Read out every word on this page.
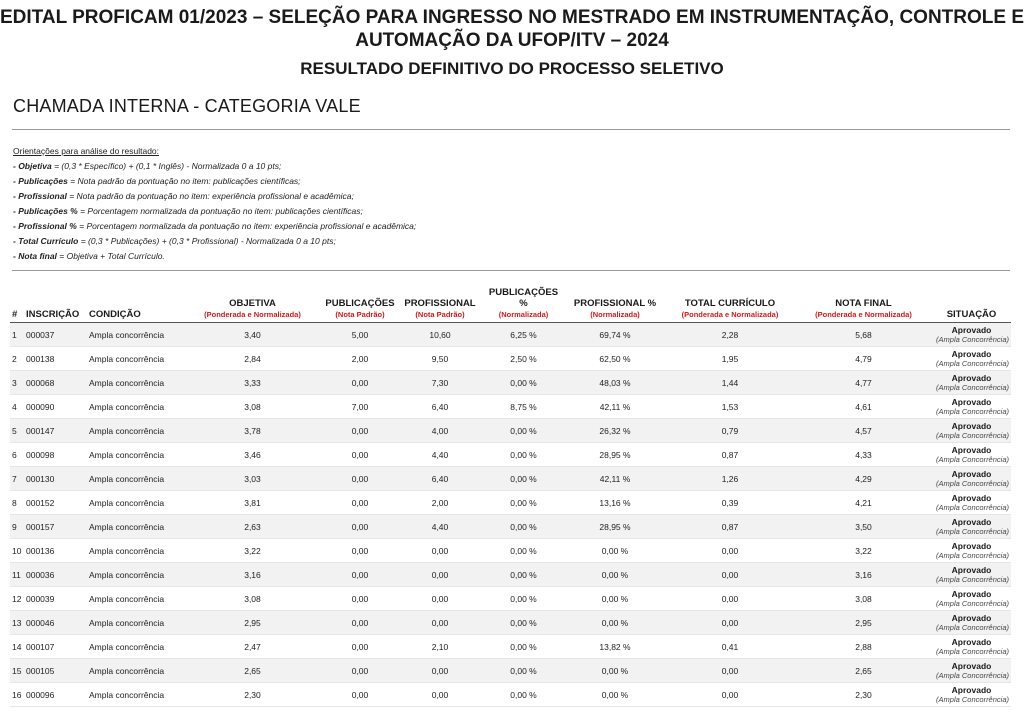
EDITAL PROFICAM 01/2023 – SELEÇÃO PARA INGRESSO NO MESTRADO EM INSTRUMENTAÇÃO, CONTROLE E
AUTOMAÇÃO DA UFOP/ITV – 2024
RESULTADO DEFINITIVO DO PROCESSO SELETIVO
CHAMADA INTERNA - CATEGORIA VALE
Orientações para análise do resultado:
- Objetiva = (0,3 * Específico) + (0,1 * Inglês) - Normalizada 0 a 10 pts;
- Publicações = Nota padrão da pontuação no item: publicações científicas;
- Profissional = Nota padrão da pontuação no item: experiência profissional e acadêmica;
- Publicações % = Porcentagem normalizada da pontuação no item: publicações científicas;
- Profissional % = Porcentagem normalizada da pontuação no item: experiência profissional e acadêmica;
- Total Currículo = (0,3 * Publicações) + (0,3 * Profissional) - Normalizada 0 a 10 pts;
- Nota final = Objetiva + Total Currículo.
#	INSCRIÇÃO	CONDIÇÃO	OBJETIVA
(Ponderada e Normalizada)	PUBLICAÇÕES
(Nota Padrão)	PROFISSIONAL
(Nota Padrão)	PUBLICAÇÕES %
(Normalizada)	PROFISSIONAL %
(Normalizada)	TOTAL CURRÍCULO
(Ponderada e Normalizada)	NOTA FINAL
(Ponderada e Normalizada)	SITUAÇÃO
1	000037	Ampla concorrência	3,40	5,00	10,60	6,25 %	69,74 %	2,28	5,68	Aprovado
(Ampla Concorrência)

2	000138	Ampla concorrência	2,84	2,00	9,50	2,50 %	62,50 %	1,95	4,79	Aprovado
(Ampla Concorrência)

3	000068	Ampla concorrência	3,33	0,00	7,30	0,00 %	48,03 %	1,44	4,77	Aprovado
(Ampla Concorrência)

4	000090	Ampla concorrência	3,08	7,00	6,40	8,75 %	42,11 %	1,53	4,61	Aprovado
(Ampla Concorrência)

5	000147	Ampla concorrência	3,78	0,00	4,00	0,00 %	26,32 %	0,79	4,57	Aprovado
(Ampla Concorrência)

6	000098	Ampla concorrência	3,46	0,00	4,40	0,00 %	28,95 %	0,87	4,33	Aprovado
(Ampla Concorrência)

7	000130	Ampla concorrência	3,03	0,00	6,40	0,00 %	42,11 %	1,26	4,29	Aprovado
(Ampla Concorrência)

8	000152	Ampla concorrência	3,81	0,00	2,00	0,00 %	13,16 %	0,39	4,21	Aprovado
(Ampla Concorrência)

9	000157	Ampla concorrência	2,63	0,00	4,40	0,00 %	28,95 %	0,87	3,50	Aprovado
(Ampla Concorrência)

10	000136	Ampla concorrência	3,22	0,00	0,00	0,00 %	0,00 %	0,00	3,22	Aprovado
(Ampla Concorrência)

11	000036	Ampla concorrência	3,16	0,00	0,00	0,00 %	0,00 %	0,00	3,16	Aprovado
(Ampla Concorrência)

12	000039	Ampla concorrência	3,08	0,00	0,00	0,00 %	0,00 %	0,00	3,08	Aprovado
(Ampla Concorrência)

13	000046	Ampla concorrência	2,95	0,00	0,00	0,00 %	0,00 %	0,00	2,95	Aprovado
(Ampla Concorrência)

14	000107	Ampla concorrência	2,47	0,00	2,10	0,00 %	13,82 %	0,41	2,88	Aprovado
(Ampla Concorrência)

15	000105	Ampla concorrência	2,65	0,00	0,00	0,00 %	0,00 %	0,00	2,65	Aprovado
(Ampla Concorrência)

16	000096	Ampla concorrência	2,30	0,00	0,00	0,00 %	0,00 %	0,00	2,30	Aprovado
(Ampla Concorrência)
